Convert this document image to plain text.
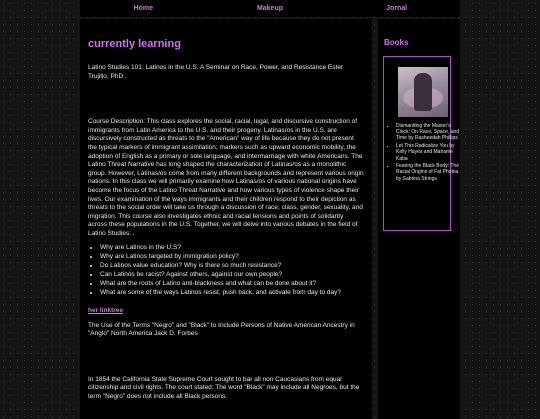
Home	Makeup	Jornal
currently learning

Latino Studies 101: Latinos in the U.S. A Seminar on Race, Power, and Resistance Ester Trujillo, PhD .

Course Description: This class explores the social, racial, legal, and discursive construction of immigrants from Latin America to the U.S. and their progeny. Latinas/os in the U.S. are discursively constructed as threats to the "American" way of life because they do not present the typical markers of immigrant assimilation; markers such as upward economic mobility, the adoption of English as a primary or sole language, and intermarriage with white Americans. The Latino Threat Narrative has long shaped the characterization of Latinas/os as a monolithic group. However, Latinas/os come from many different backgrounds and represent various origin nations. In this class we will primarily examine how Latinas/os of various national origins have become the focus of the Latino Threat Narrative and how various types of violence shape their lives. Our examination of the ways immigrants and their children respond to their depiction as threats to the social order will take us through a discussion of race, class, gender, sexuality, and migration. This course also investigates ethnic and racial tensions and points of solidarity across these populations in the U.S. Together, we will delve into various debates in the field of Latino Studies: .

• Why are Latinos in the U.S?
• Why are Latinos targeted by immigration policy?
• Do Latinos value education? Why is there so much resistance?
• Can Latinos be racist? Against others, against our own people?
• What are the roots of Latino anti-blackness and what can be done about it?
• What are some of the ways Latinos resist, push back, and activate from day to day?
her linktree

The Use of the Terms "Negro" and "Black" to Include Persons of Native American Ancestry in "Anglo" North America Jack D. Forbes

In 1854 the California State Supreme Court sought to bar all non Caucasians from equal citizenship and civil rights. The court stated: The word "Black" may include all Negroes, but the term "Negro" does not include all Black persons.

Books
• Dismantling the Master's Clock: On Race, Space, and Time by Rasheedah Phillips
• Let This Radicalize You by Kelly Hayes and Mariame Kaba
• Fearing the Black Body: The Racial Origins of Fat Phobia by Sabrina Strings
